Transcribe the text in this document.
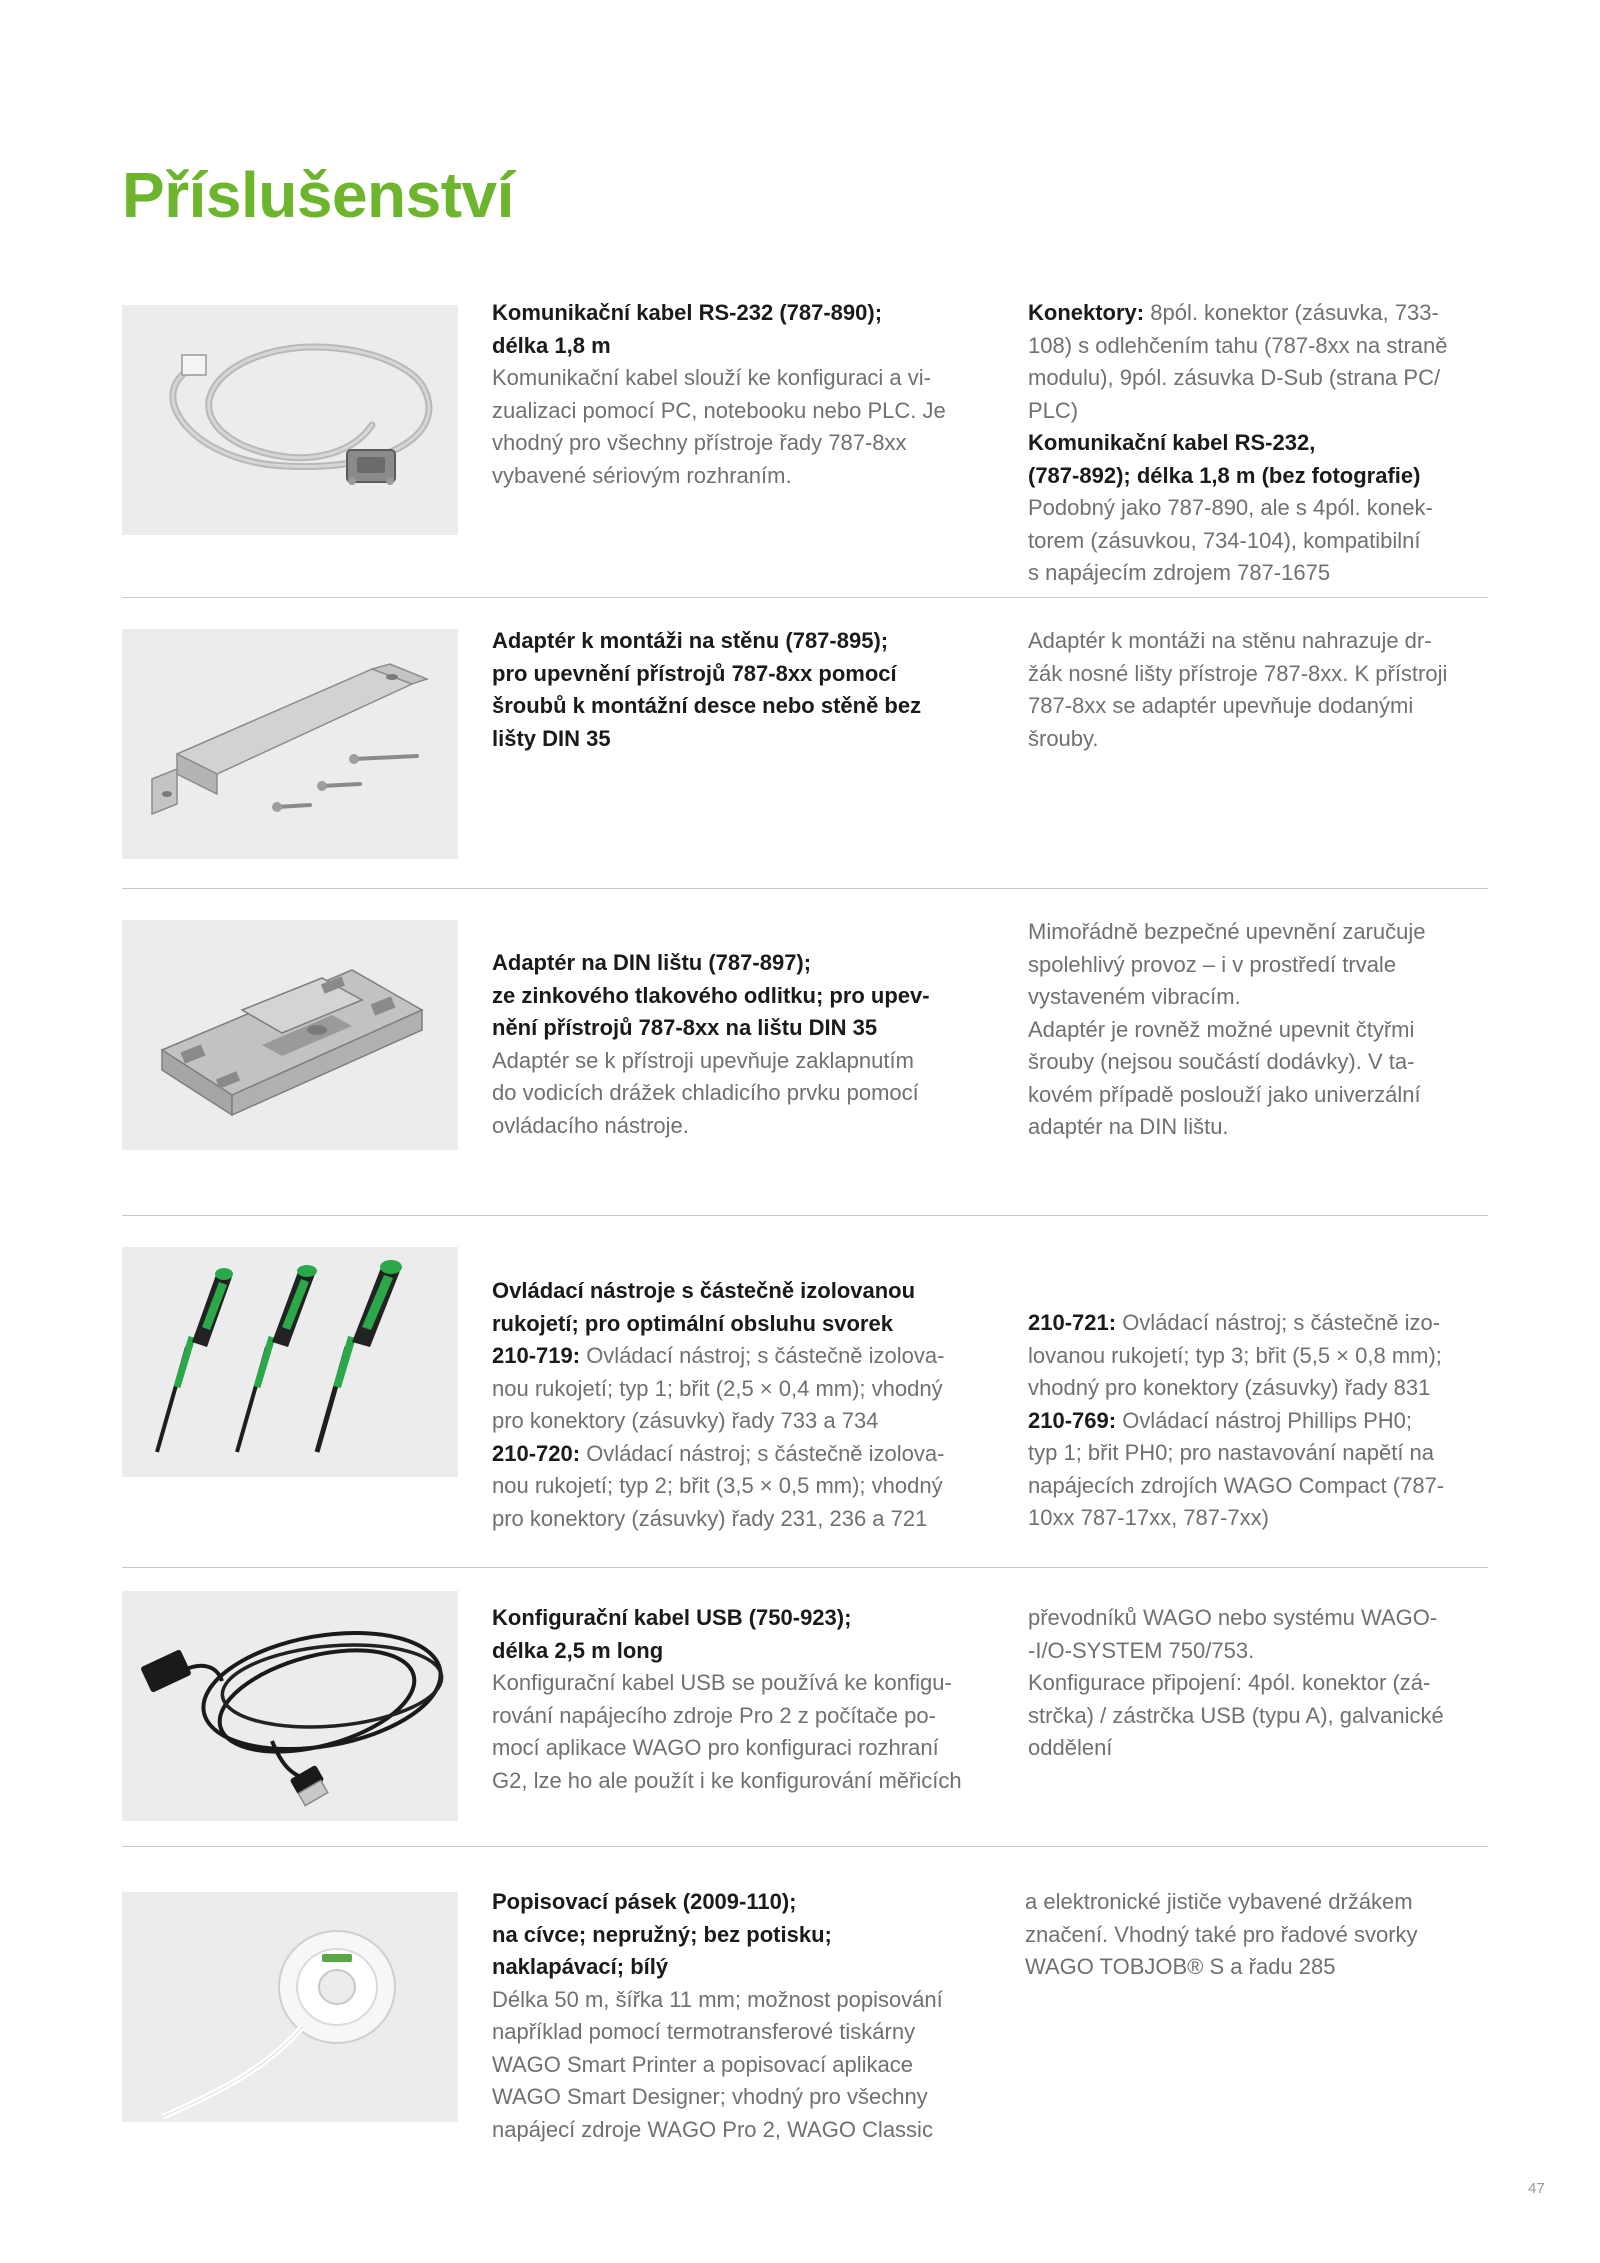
Příslušenství
Komunikační kabel RS-232 (787-890);
délka 1,8 m
Komunikační kabel slouží ke konfiguraci a vi-
zualizaci pomocí PC, notebooku nebo PLC. Je
vhodný pro všechny přístroje řady 787-8xx
vybavené sériovým rozhraním.
Konektory: 8pól. konektor (zásuvka, 733-
108) s odlehčením tahu (787-8xx na straně
modulu), 9pól. zásuvka D-Sub (strana PC/
PLC)
Komunikační kabel RS-232,
(787-892); délka 1,8 m (bez fotografie)
Podobný jako 787-890, ale s 4pól. konek-
torem (zásuvkou, 734-104), kompatibilní
s napájecím zdrojem 787-1675
Adaptér k montáži na stěnu (787-895);
pro upevnění přístrojů 787-8xx pomocí
šroubů k montážní desce nebo stěně bez
lišty DIN 35
Adaptér k montáži na stěnu nahrazuje dr-
žák nosné lišty přístroje 787-8xx. K přístroji
787-8xx se adaptér upevňuje dodanými
šrouby.
Adaptér na DIN lištu (787-897);
ze zinkového tlakového odlitku; pro upev-
nění přístrojů 787-8xx na lištu DIN 35
Adaptér se k přístroji upevňuje zaklapnutím
do vodicích drážek chladicího prvku pomocí
ovládacího nástroje.
Mimořádně bezpečné upevnění zaručuje
spolehlivý provoz – i v prostředí trvale
vystaveném vibracím.
Adaptér je rovněž možné upevnit čtyřmi
šrouby (nejsou součástí dodávky). V ta-
kovém případě poslouží jako univerzální
adaptér na DIN lištu.
Ovládací nástroje s částečně izolovanou
rukojetí; pro optimální obsluhu svorek
210-719: Ovládací nástroj; s částečně izolova-
nou rukojetí; typ 1; břit (2,5 × 0,4 mm); vhodný
pro konektory (zásuvky) řady 733 a 734
210-720: Ovládací nástroj; s částečně izolova-
nou rukojetí; typ 2; břit (3,5 × 0,5 mm); vhodný
pro konektory (zásuvky) řady 231, 236 a 721
210-721: Ovládací nástroj; s částečně izo-
lovanou rukojetí; typ 3; břit (5,5 × 0,8 mm);
vhodný pro konektory (zásuvky) řady 831
210-769: Ovládací nástroj Phillips PH0;
typ 1; břit PH0; pro nastavování napětí na
napájecích zdrojích WAGO Compact (787-
10xx 787-17xx, 787-7xx)
Konfigurační kabel USB (750-923);
délka 2,5 m long
Konfigurační kabel USB se používá ke konfigu-
rování napájecího zdroje Pro 2 z počítače po-
mocí aplikace WAGO pro konfiguraci rozhraní
G2, lze ho ale použít i ke konfigurování měřicích
převodníků WAGO nebo systému WAGO-
-I/O-SYSTEM 750/753.
Konfigurace připojení: 4pól. konektor (zá-
strčka) / zástrčka USB (typu A), galvanické
oddělení
Popisovací pásek (2009-110);
na cívce; nepružný; bez potisku;
naklapávací; bílý
Délka 50 m, šířka 11 mm; možnost popisování
například pomocí termotransferové tiskárny
WAGO Smart Printer a popisovací aplikace
WAGO Smart Designer; vhodný pro všechny
napájecí zdroje WAGO Pro 2, WAGO Classic
a elektronické jističe vybavené držákem
značení. Vhodný také pro řadové svorky
WAGO TOBJOB® S a řadu 285
47
